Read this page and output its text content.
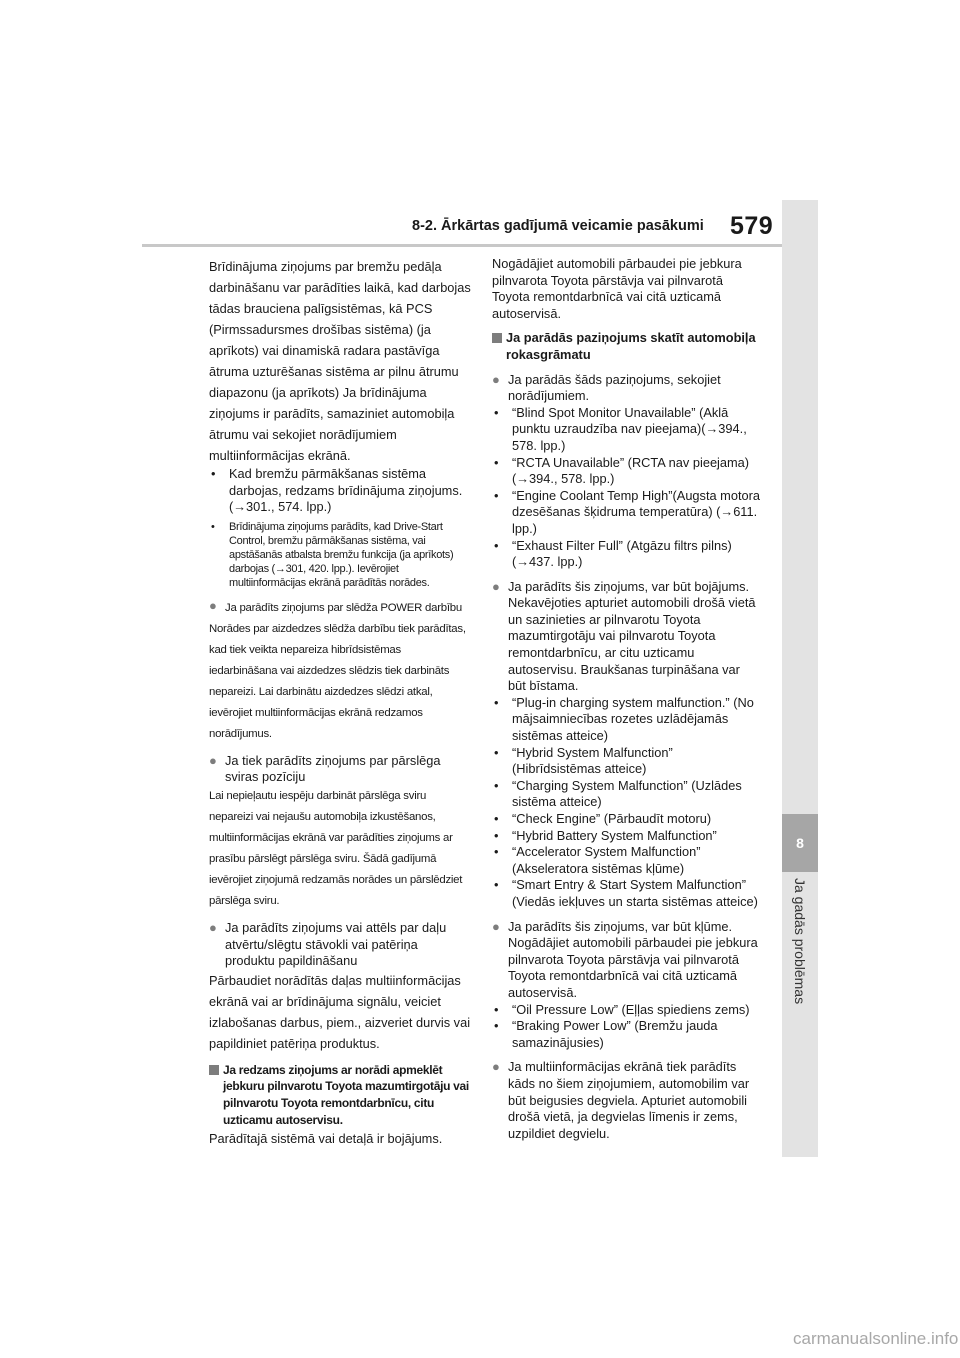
8-2. Ārkārtas gadījumā veicamie pasākumi 579
8
Ja gadās problēmas

Brīdinājuma ziņojums par bremžu pedāļa darbināšanu var parādīties laikā, kad darbojas tādas brauciena palīgsistēmas, kā PCS (Pirmssadursmes drošības sistēma) (ja aprīkots) vai dinamiskā radara pastāvīga ātruma uzturēšanas sistēma ar pilnu ātrumu diapazonu (ja aprīkots) Ja brīdinājuma ziņojums ir parādīts, samaziniet automobiļa ātrumu vai sekojiet norādījumiem multiinformācijas ekrānā.

•	Kad bremžu pārmākšanas sistēma darbojas, redzams brīdinājuma ziņojums. (→301., 574. lpp.)
•	Brīdinājuma ziņojums parādīts, kad Drive-Start Control, bremžu pārmākšanas sistēma, vai apstāšanās atbalsta bremžu funkcija (ja aprīkots) darbojas (→301, 420. lpp.). Ievērojiet multiinformācijas ekrānā parādītās norādes.
● Ja parādīts ziņojums par slēdža POWER darbību

Norādes par aizdedzes slēdža darbību tiek parādītas, kad tiek veikta nepareiza hibrīdsistēmas iedarbināšana vai aizdedzes slēdzis tiek darbināts nepareizi. Lai darbinātu aizdedzes slēdzi atkal, ievērojiet multiinformācijas ekrānā redzamos norādījumus.

● Ja tiek parādīts ziņojums par pārslēga sviras pozīciju

Lai nepieļautu iespēju darbināt pārslēga sviru nepareizi vai nejaušu automobiļa izkustēšanos, multiinformācijas ekrānā var parādīties ziņojums ar prasību pārslēgt pārslēga sviru. Šādā gadījumā ievērojiet ziņojumā redzamās norādes un pārslēdziet pārslēga sviru.

● Ja parādīts ziņojums vai attēls par daļu atvērtu/slēgtu stāvokli vai patēriņa produktu papildināšanu

Pārbaudiet norādītās daļas multiinformācijas ekrānā vai ar brīdinājuma signālu, veiciet izlabošanas darbus, piem., aizveriet durvis vai papildiniet patēriņa produktus.

Ja redzams ziņojums ar norādi apmeklēt jebkuru pilnvarotu Toyota mazumtirgotāju vai pilnvarotu Toyota remontdarbnīcu, citu uzticamu autoservisu.

Parādītajā sistēmā vai detaļā ir bojājums.

Nogādājiet automobili pārbaudei pie jebkura pilnvarota Toyota pārstāvja vai pilnvarotā Toyota remontdarbnīcā vai citā uzticamā autoservisā.

Ja parādās paziņojums skatīt automobiļa rokasgrāmatu
● Ja parādās šāds paziņojums, sekojiet norādījumiem.
•	“Blind Spot Monitor Unavailable” (Aklā punktu uzraudzība nav pieejama)(→394., 578. lpp.)
•	“RCTA Unavailable” (RCTA nav pieejama) (→394., 578. lpp.)
•	“Engine Coolant Temp High”(Augsta motora dzesēšanas šķidruma temperatūra) (→611. lpp.)
•	“Exhaust Filter Full” (Atgāzu filtrs pilns) (→437. lpp.)
● Ja parādīts šis ziņojums, var būt bojājums. Nekavējoties apturiet automobili drošā vietā un sazinieties ar pilnvarotu Toyota mazumtirgotāju vai pilnvarotu Toyota remontdarbnīcu, ar citu uzticamu autoservisu. Braukšanas turpināšana var būt bīstama.
•	“Plug-in charging system malfunction.” (No mājsaimniecības rozetes uzlādējamās sistēmas atteice)
•	“Hybrid System Malfunction” (Hibrīdsistēmas atteice)
•	“Charging System Malfunction” (Uzlādes sistēma atteice)
•	“Check Engine” (Pārbaudīt motoru)
•	“Hybrid Battery System Malfunction”
•	“Accelerator System Malfunction” (Akseleratora sistēmas kļūme)
•	“Smart Entry & Start System Malfunction” (Viedās iekļuves un starta sistēmas atteice)
● Ja parādīts šis ziņojums, var būt kļūme. Nogādājiet automobili pārbaudei pie jebkura pilnvarota Toyota pārstāvja vai pilnvarotā Toyota remontdarbnīcā vai citā uzticamā autoservisā.
•	“Oil Pressure Low” (Eļļas spiediens zems)
•	“Braking Power Low” (Bremžu jauda samazinājusies)
● Ja multiinformācijas ekrānā tiek parādīts kāds no šiem ziņojumiem, automobilim var būt beigusies degviela. Apturiet automobili drošā vietā, ja degvielas līmenis ir zems, uzpildiet degvielu.
carmanualsonline.info
